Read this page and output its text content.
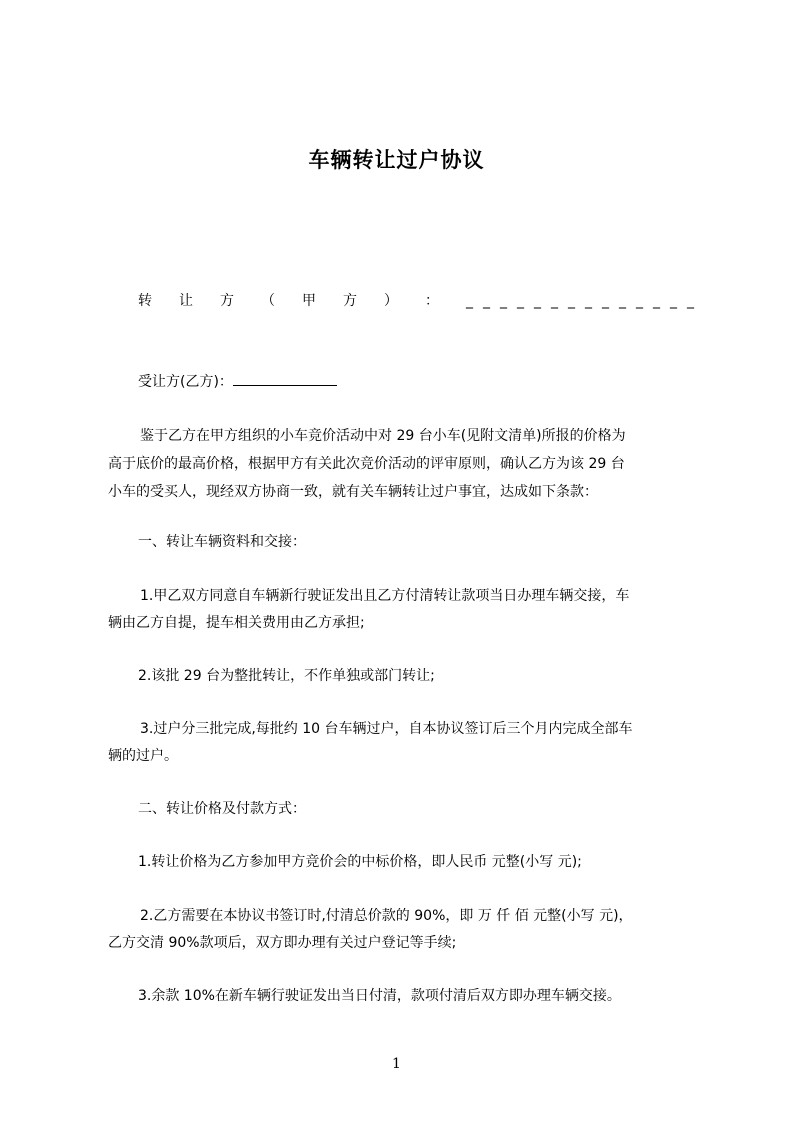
车辆转让过户协议
转 让 方 （ 甲 方 ） ： ______________
受让方(乙方)：
鉴于乙方在甲方组织的小车竞价活动中对 29 台小车(见附文清单)所报的价格为
高于底价的最高价格，根据甲方有关此次竞价活动的评审原则，确认乙方为该 29 台
小车的受买人，现经双方协商一致，就有关车辆转让过户事宜，达成如下条款：
一、转让车辆资料和交接：
1.甲乙双方同意自车辆新行驶证发出且乙方付清转让款项当日办理车辆交接，车
辆由乙方自提，提车相关费用由乙方承担;
2.该批 29 台为整批转让，不作单独或部门转让;
3.过户分三批完成,每批约 10 台车辆过户，自本协议签订后三个月内完成全部车
辆的过户。
二、转让价格及付款方式：
1.转让价格为乙方参加甲方竞价会的中标价格，即人民币 元整(小写 元);
2.乙方需要在本协议书签订时,付清总价款的 90%，即 万 仟 佰 元整(小写 元)，
乙方交清 90%款项后，双方即办理有关过户登记等手续;
3.余款 10%在新车辆行驶证发出当日付清，款项付清后双方即办理车辆交接。
1
